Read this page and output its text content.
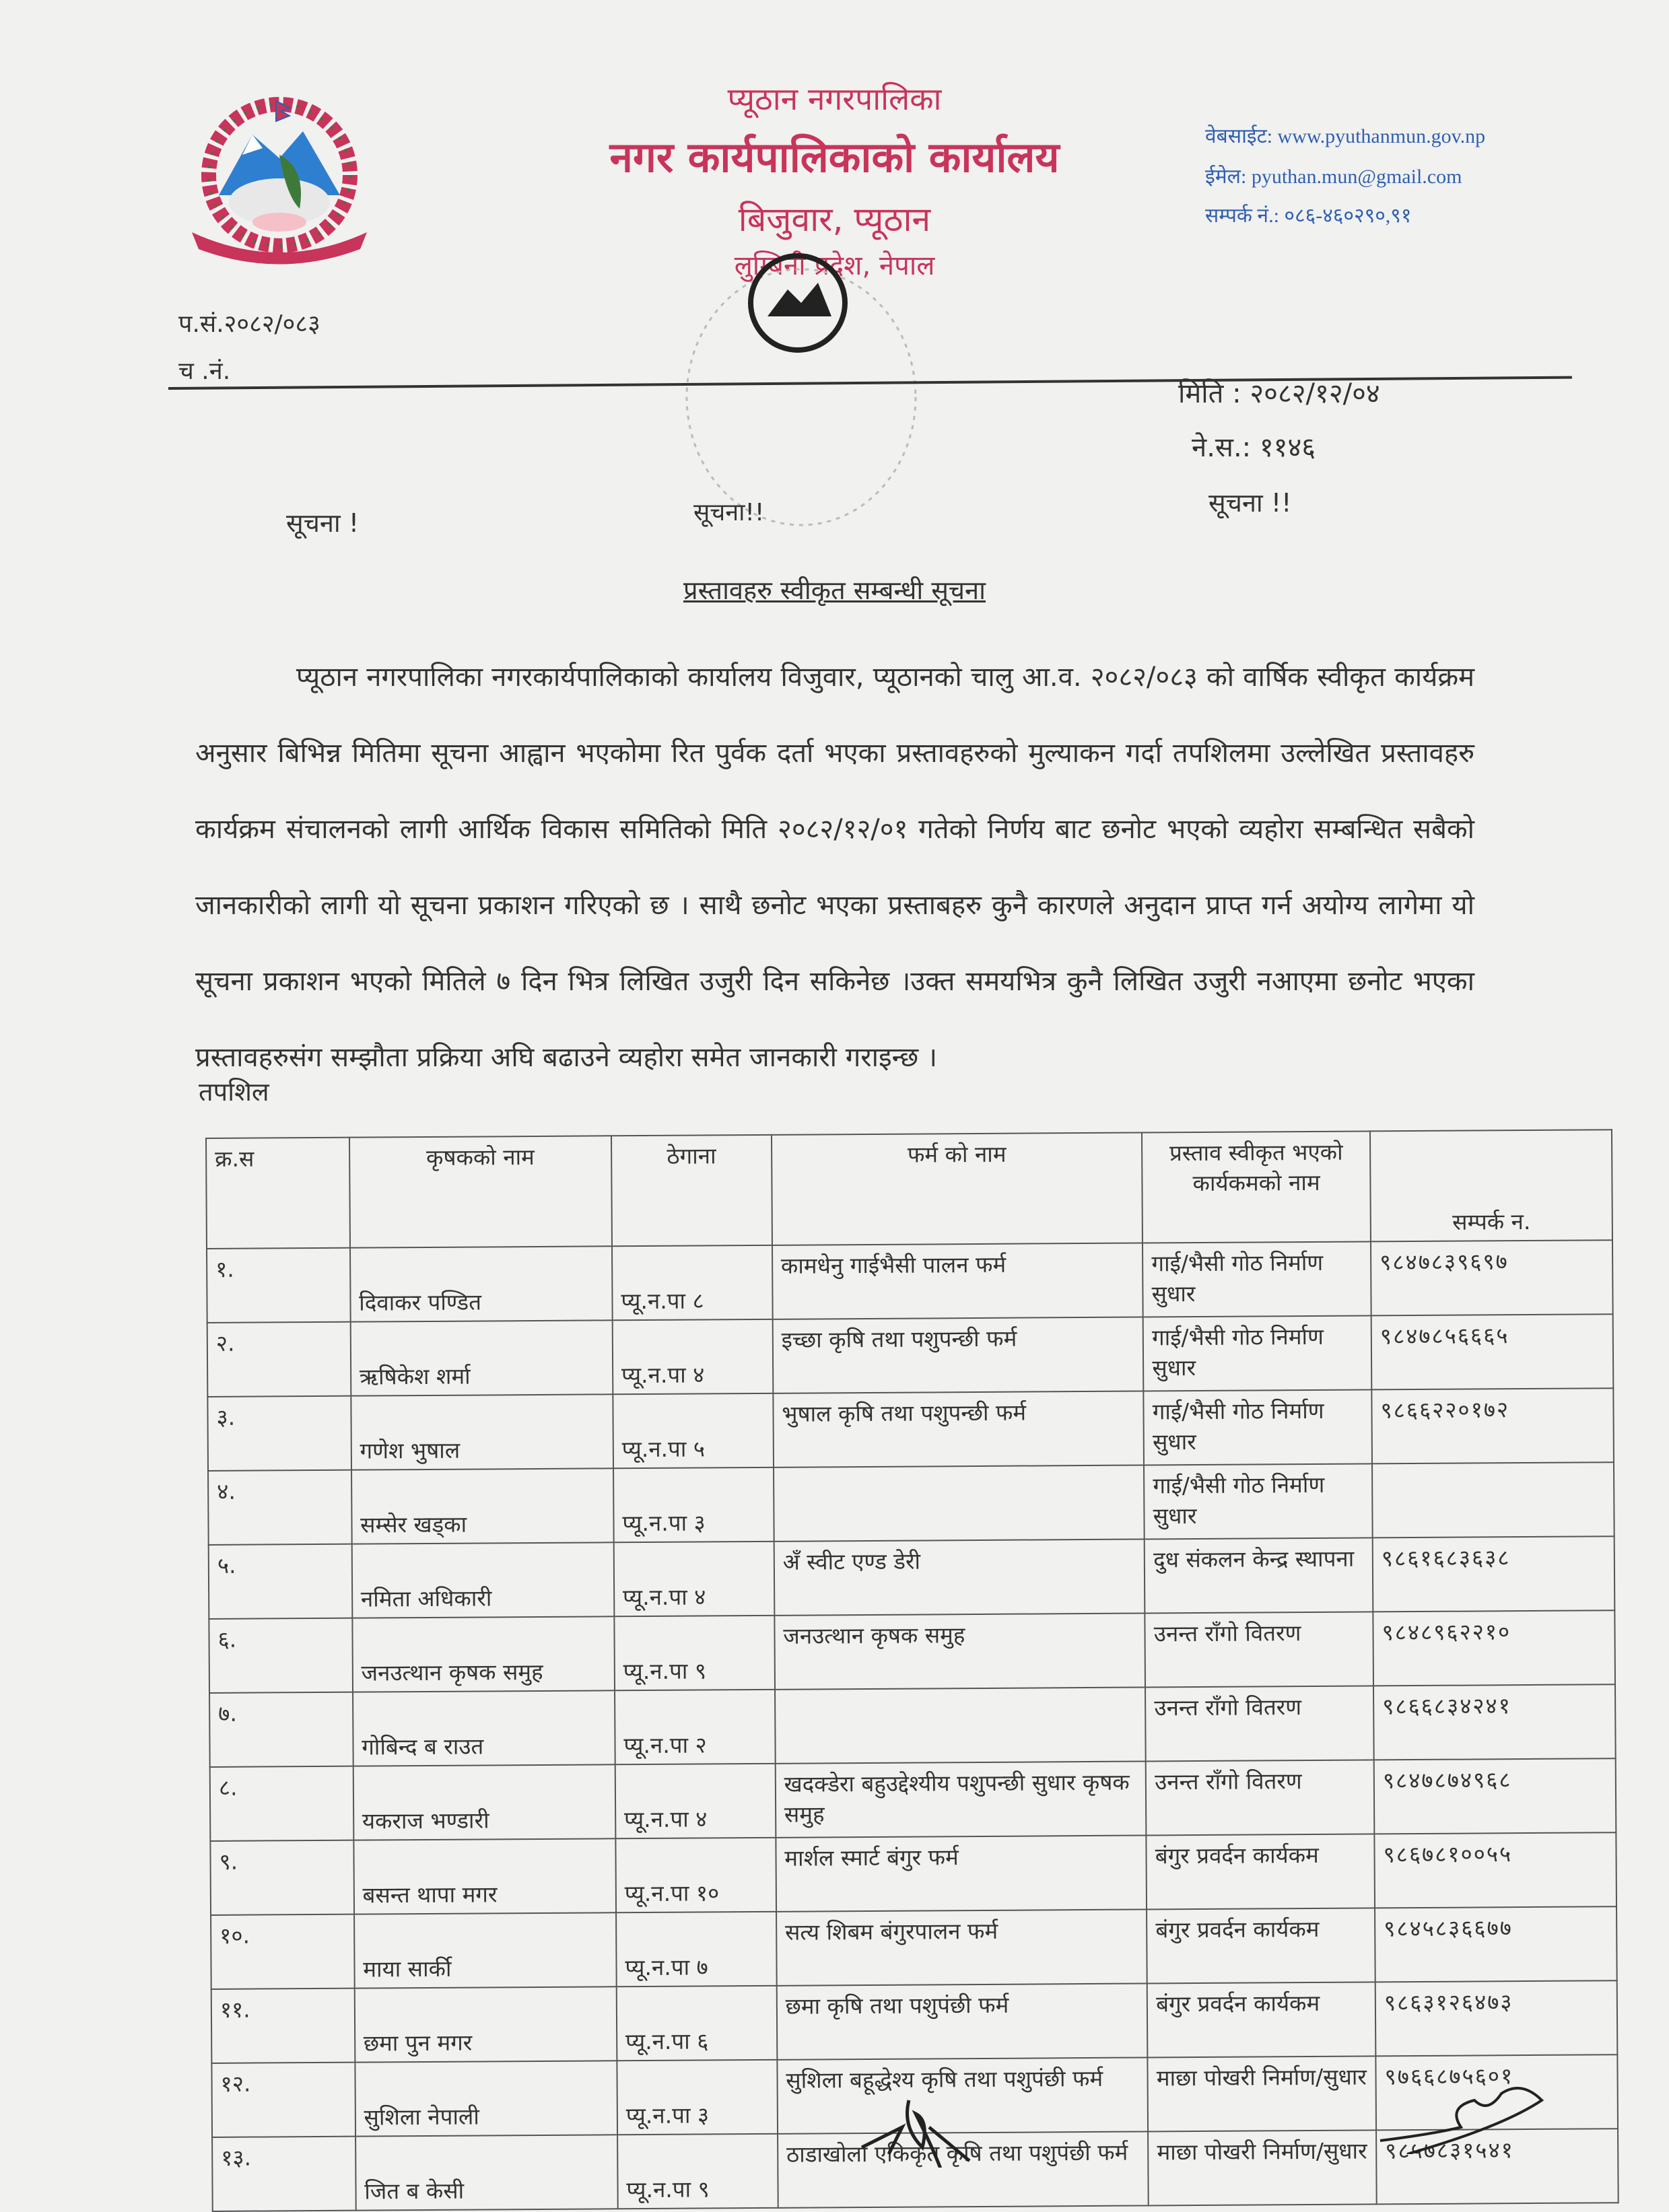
प्यूठान नगरपालिका
नगर कार्यपालिकाको कार्यालय
बिजुवार, प्यूठान
लुम्बिनी प्रदेश, नेपाल
वेबसाईट: www.pyuthanmun.gov.np
ईमेल: pyuthan.mun@gmail.com
सम्पर्क नं.: ०८६-४६०२९०,९१
प.सं.२०८२/०८३
च .नं.
मिति : २०८२/१२/०४
ने.स.: ११४६
सूचना !!
सूचना !	सूचना!!
प्रस्तावहरु स्वीकृत सम्बन्धी सूचना
प्यूठान नगरपालिका नगरकार्यपालिकाको कार्यालय विजुवार, प्यूठानको चालु आ.व. २०८२/०८३ को वार्षिक स्वीकृत कार्यक्रम अनुसार बिभिन्न मितिमा सूचना आह्वान भएकोमा रित पुर्वक दर्ता भएका प्रस्तावहरुको मुल्याकन गर्दा तपशिलमा उल्लेखित प्रस्तावहरु कार्यक्रम संचालनको लागी आर्थिक विकास समितिको मिति २०८२/१२/०१ गतेको निर्णय बाट छनोट भएको व्यहोरा सम्बन्धित सबैको जानकारीको लागी यो सूचना प्रकाशन गरिएको छ । साथै छनोट भएका प्रस्ताबहरु कुनै कारणले अनुदान प्राप्त गर्न अयोग्य लागेमा यो सूचना प्रकाशन भएको मितिले ७ दिन भित्र लिखित उजुरी दिन सकिनेछ ।उक्त समयभित्र कुनै लिखित उजुरी नआएमा छनोट भएका प्रस्तावहरुसंग सम्झौता प्रक्रिया अघि बढाउने व्यहोरा समेत जानकारी गराइन्छ ।
तपशिल
क्र.स	कृषकको नाम	ठेगाना	फर्म को नाम	प्रस्ताव स्वीकृत भएको कार्यकमको नाम	सम्पर्क न.
१.	दिवाकर पण्डित	प्यू.न.पा ८	कामधेनु गाईभैसी पालन फर्म	गाई/भैसी गोठ निर्माण सुधार	९८४७८३९६९७
२.	ऋषिकेश शर्मा	प्यू.न.पा ४	इच्छा कृषि तथा पशुपन्छी फर्म	गाई/भैसी गोठ निर्माण सुधार	९८४७८५६६६५
३.	गणेश भुषाल	प्यू.न.पा ५	भुषाल कृषि तथा पशुपन्छी फर्म	गाई/भैसी गोठ निर्माण सुधार	९८६६२२०१७२
४.	सम्सेर खड्का	प्यू.न.पा ३		गाई/भैसी गोठ निर्माण सुधार	
५.	नमिता अधिकारी	प्यू.न.पा ४	अँ स्वीट एण्ड डेरी	दुध संकलन केन्द्र स्थापना	९८६१६८३६३८
६.	जनउत्थान कृषक समुह	प्यू.न.पा ९	जनउत्थान कृषक समुह	उनन्त राँगो वितरण	९८४८९६२२१०
७.	गोबिन्द ब राउत	प्यू.न.पा २		उनन्त राँगो वितरण	९८६६८३४२४१
८.	यकराज भण्डारी	प्यू.न.पा ४	खदक्डेरा बहुउद्देश्यीय पशुपन्छी सुधार कृषक समुह	उनन्त राँगो वितरण	९८४७८७४९६८
९.	बसन्त थापा मगर	प्यू.न.पा १०	मार्शल स्मार्ट बंगुर फर्म	बंगुर प्रवर्दन कार्यकम	९८६७८१००५५
१०.	माया सार्की	प्यू.न.पा ७	सत्य शिबम बंगुरपालन फर्म	बंगुर प्रवर्दन कार्यकम	९८४५८३६६७७
११.	छमा पुन मगर	प्यू.न.पा ६	छमा कृषि तथा पशुपंछी फर्म	बंगुर प्रवर्दन कार्यकम	९८६३१२६४७३
१२.	सुशिला नेपाली	प्यू.न.पा ३	सुशिला बहूद्धेश्य कृषि तथा पशुपंछी फर्म	माछा पोखरी निर्माण/सुधार	९७६६८७५६०१
१३.	जित ब केसी	प्यू.न.पा ९	ठाडाखोला एकिकृत कृषि तथा पशुपंछी फर्म	माछा पोखरी निर्माण/सुधार	९८५७८३१५४१
